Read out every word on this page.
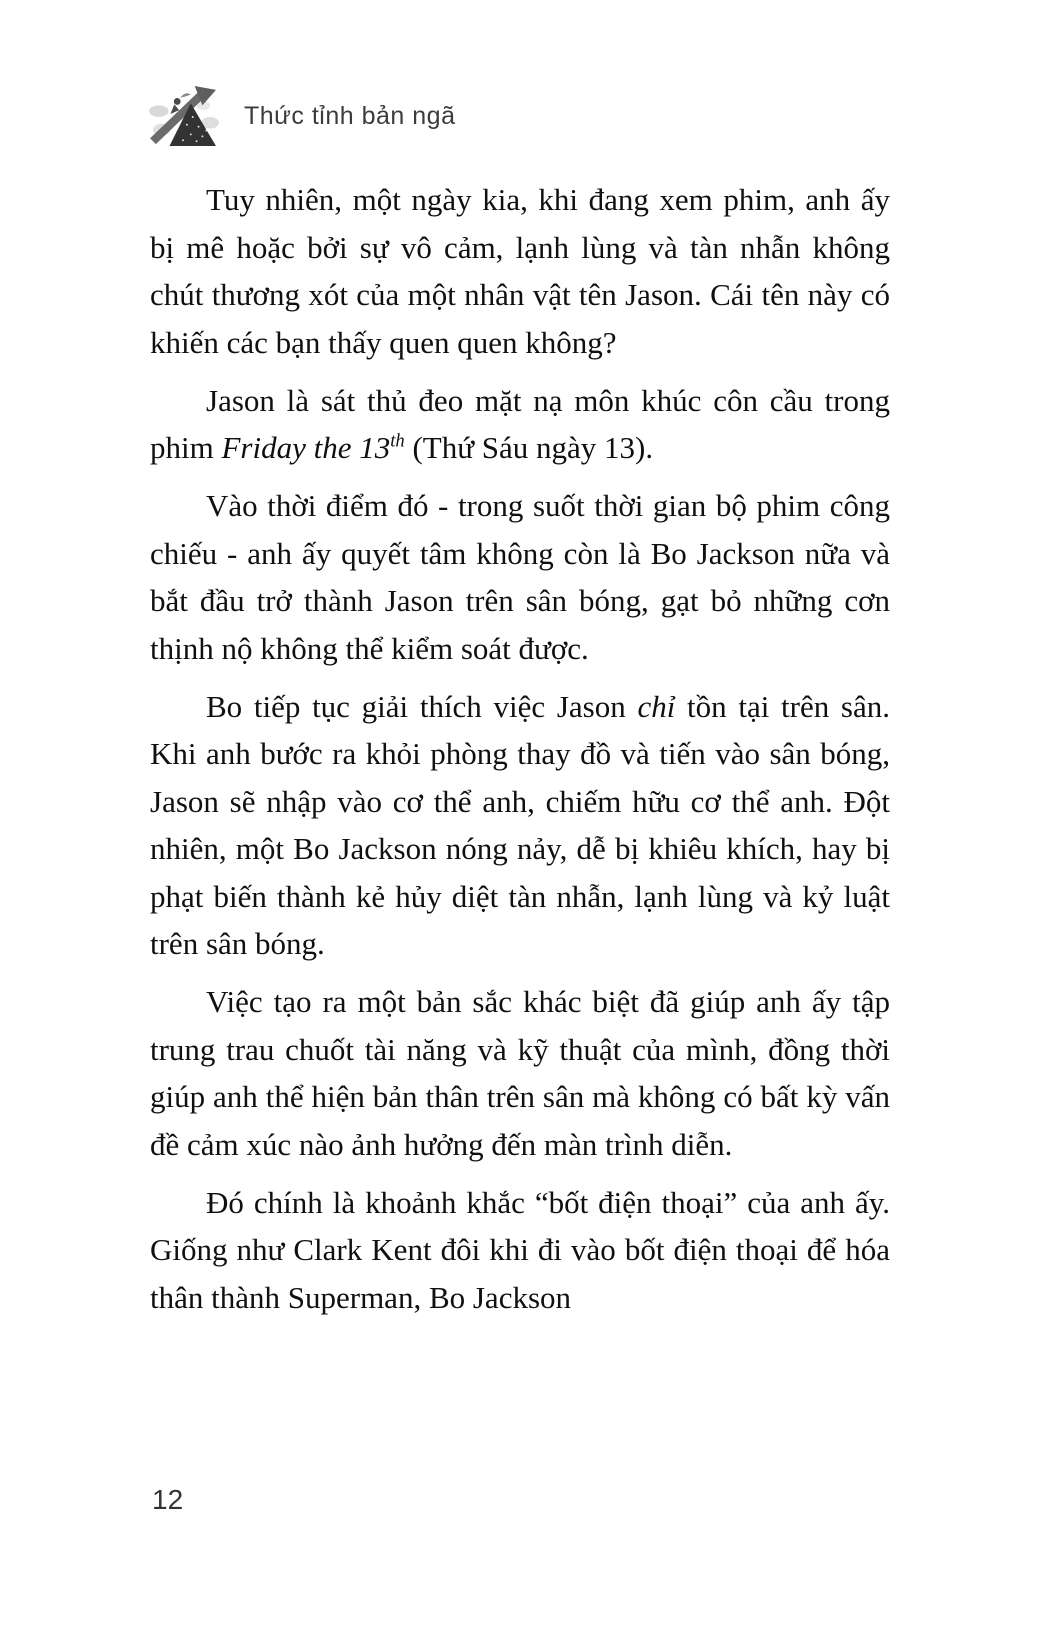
Thức tỉnh bản ngã

Tuy nhiên, một ngày kia, khi đang xem phim, anh ấy bị mê hoặc bởi sự vô cảm, lạnh lùng và tàn nhẫn không chút thương xót của một nhân vật tên Jason. Cái tên này có khiến các bạn thấy quen quen không?

Jason là sát thủ đeo mặt nạ môn khúc côn cầu trong phim Friday the 13th (Thứ Sáu ngày 13).

Vào thời điểm đó - trong suốt thời gian bộ phim công chiếu - anh ấy quyết tâm không còn là Bo Jackson nữa và bắt đầu trở thành Jason trên sân bóng, gạt bỏ những cơn thịnh nộ không thể kiểm soát được.

Bo tiếp tục giải thích việc Jason chỉ tồn tại trên sân. Khi anh bước ra khỏi phòng thay đồ và tiến vào sân bóng, Jason sẽ nhập vào cơ thể anh, chiếm hữu cơ thể anh. Đột nhiên, một Bo Jackson nóng nảy, dễ bị khiêu khích, hay bị phạt biến thành kẻ hủy diệt tàn nhẫn, lạnh lùng và kỷ luật trên sân bóng.

Việc tạo ra một bản sắc khác biệt đã giúp anh ấy tập trung trau chuốt tài năng và kỹ thuật của mình, đồng thời giúp anh thể hiện bản thân trên sân mà không có bất kỳ vấn đề cảm xúc nào ảnh hưởng đến màn trình diễn.

Đó chính là khoảnh khắc “bốt điện thoại” của anh ấy. Giống như Clark Kent đôi khi đi vào bốt điện thoại để hóa thân thành Superman, Bo Jackson

12
